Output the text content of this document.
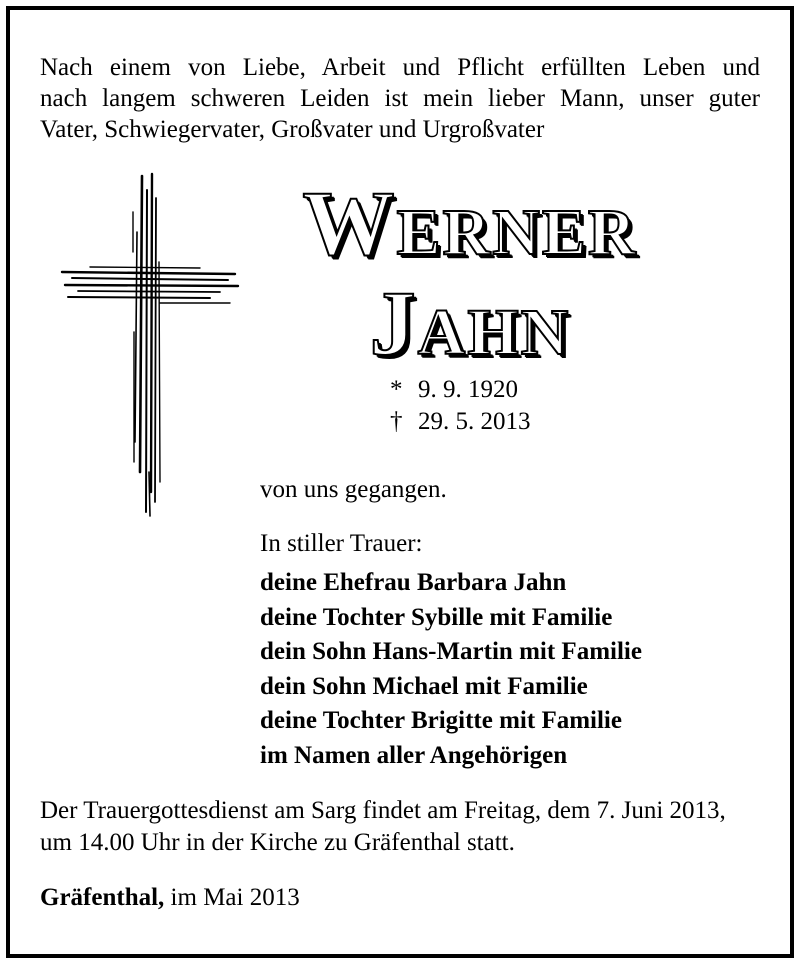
Nach einem von Liebe, Arbeit und Pflicht erfüllten Leben und
nach langem schweren Leiden ist mein lieber Mann, unser guter
Vater, Schwiegervater, Großvater und Urgroßvater
WERNER
JAHN
* 9. 9. 1920
† 29. 5. 2013
von uns gegangen.
In stiller Trauer:
deine Ehefrau Barbara Jahn
deine Tochter Sybille mit Familie
dein Sohn Hans-Martin mit Familie
dein Sohn Michael mit Familie
deine Tochter Brigitte mit Familie
im Namen aller Angehörigen
Der Trauergottesdienst am Sarg findet am Freitag, dem 7. Juni 2013,
um 14.00 Uhr in der Kirche zu Gräfenthal statt.
Gräfenthal, im Mai 2013
